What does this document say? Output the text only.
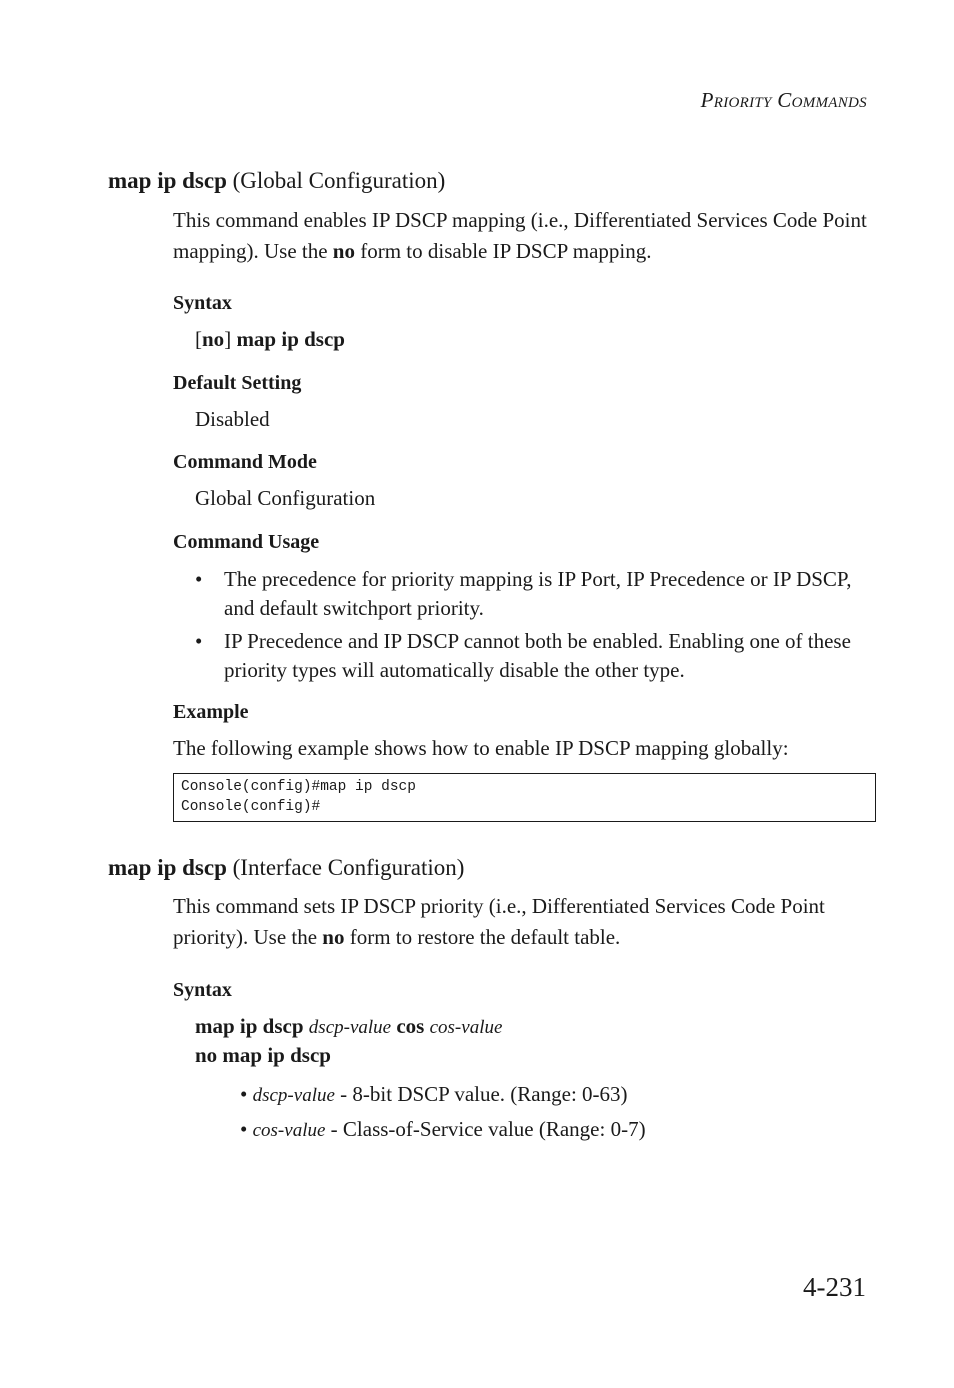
Priority Commands
map ip dscp (Global Configuration)
This command enables IP DSCP mapping (i.e., Differentiated Services Code Point mapping). Use the no form to disable IP DSCP mapping.
Syntax
[no] map ip dscp
Default Setting
Disabled
Command Mode
Global Configuration
Command Usage
• The precedence for priority mapping is IP Port, IP Precedence or IP DSCP, and default switchport priority.
• IP Precedence and IP DSCP cannot both be enabled. Enabling one of these priority types will automatically disable the other type.
Example
The following example shows how to enable IP DSCP mapping globally:
Console(config)#map ip dscp
Console(config)#
map ip dscp (Interface Configuration)
This command sets IP DSCP priority (i.e., Differentiated Services Code Point priority). Use the no form to restore the default table.
Syntax
map ip dscp dscp-value cos cos-value
no map ip dscp
• dscp-value - 8-bit DSCP value. (Range: 0-63)
• cos-value - Class-of-Service value (Range: 0-7)
4-231
